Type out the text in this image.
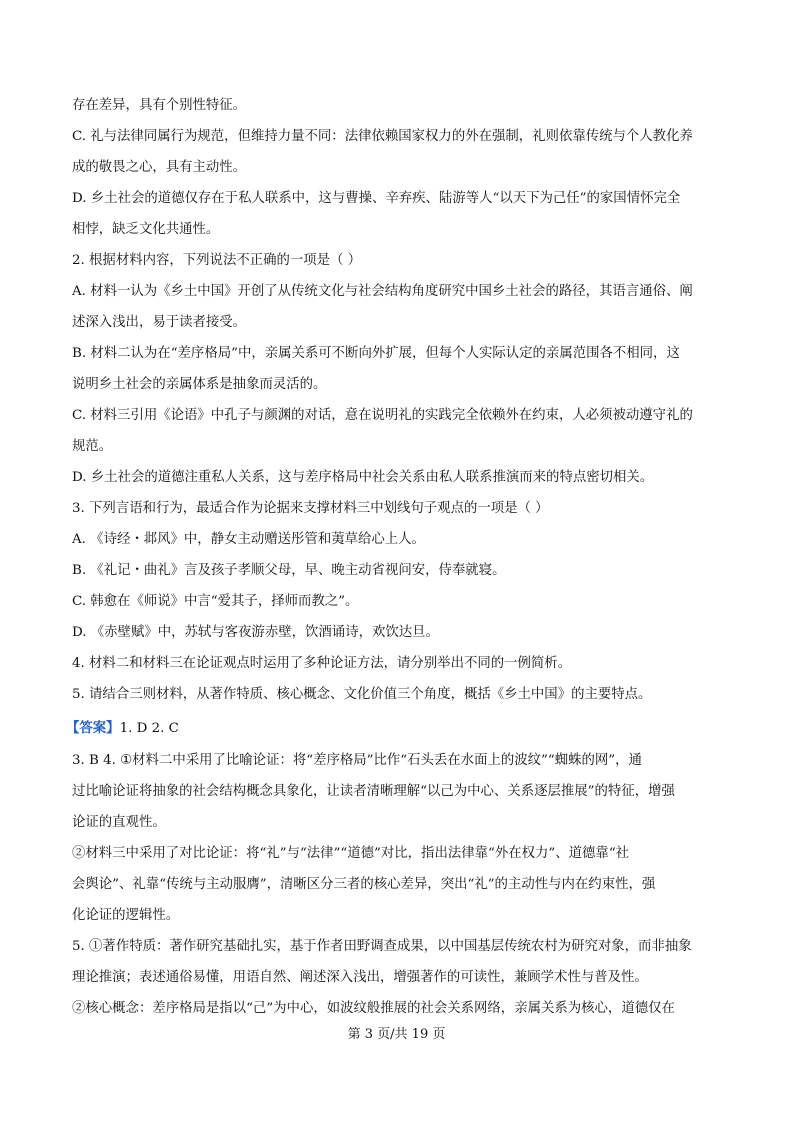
存在差异，具有个别性特征。
C. 礼与法律同属行为规范，但维持力量不同：法律依赖国家权力的外在强制，礼则依靠传统与个人教化养
成的敬畏之心，具有主动性。
D. 乡土社会的道德仅存在于私人联系中，这与曹操、辛弃疾、陆游等人“以天下为己任”的家国情怀完全
相悖，缺乏文化共通性。
2. 根据材料内容，下列说法不正确的一项是（ ）
A. 材料一认为《乡土中国》开创了从传统文化与社会结构角度研究中国乡土社会的路径，其语言通俗、阐
述深入浅出，易于读者接受。
B. 材料二认为在“差序格局”中，亲属关系可不断向外扩展，但每个人实际认定的亲属范围各不相同，这
说明乡土社会的亲属体系是抽象而灵活的。
C. 材料三引用《论语》中孔子与颜渊的对话，意在说明礼的实践完全依赖外在约束，人必须被动遵守礼的
规范。
D. 乡土社会的道德注重私人关系，这与差序格局中社会关系由私人联系推演而来的特点密切相关。
3. 下列言语和行为，最适合作为论据来支撑材料三中划线句子观点的一项是（ ）
A. 《诗经・邶风》中，静女主动赠送彤管和荑草给心上人。
B. 《礼记・曲礼》言及孩子孝顺父母，早、晚主动省视问安，侍奉就寝。
C. 韩愈在《师说》中言“爱其子，择师而教之”。
D. 《赤壁赋》中，苏轼与客夜游赤壁，饮酒诵诗，欢饮达旦。
4. 材料二和材料三在论证观点时运用了多种论证方法，请分别举出不同的一例简析。
5. 请结合三则材料，从著作特质、核心概念、文化价值三个角度，概括《乡土中国》的主要特点。
【答案】1. D 2. C
3. B 4. ①材料二中采用了比喻论证：将“差序格局”比作“石头丢在水面上的波纹”“蜘蛛的网”，通
过比喻论证将抽象的社会结构概念具象化，让读者清晰理解“以己为中心、关系逐层推展”的特征，增强
论证的直观性。
②材料三中采用了对比论证：将“礼”与“法律”“道德”对比，指出法律靠“外在权力”、道德靠“社
会舆论”、礼靠“传统与主动服膺”，清晰区分三者的核心差异，突出“礼”的主动性与内在约束性，强
化论证的逻辑性。
5. ①著作特质：著作研究基础扎实，基于作者田野调查成果，以中国基层传统农村为研究对象，而非抽象
理论推演；表述通俗易懂，用语自然、阐述深入浅出，增强著作的可读性，兼顾学术性与普及性。
②核心概念：差序格局是指以“己”为中心，如波纹般推展的社会关系网络，亲属关系为核心，道德仅在
第 3 页/共 19 页
